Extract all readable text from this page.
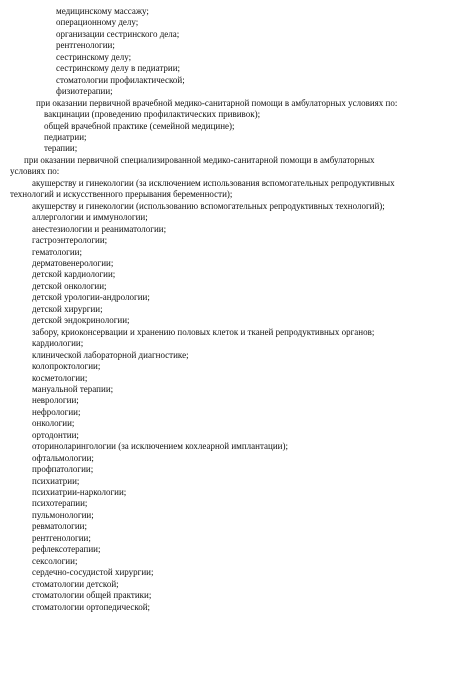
медицинскому массажу;

операционному делу;

организации сестринского дела;

рентгенологии;

сестринскому делу;

сестринскому делу в педиатрии;

стоматологии профилактической;

физиотерапии;

при оказании первичной врачебной медико-санитарной помощи в амбулаторных условиях по:

вакцинации (проведению профилактических прививок);

общей врачебной практике (семейной медицине);

педиатрии;

терапии;

при оказании первичной специализированной медико-санитарной помощи в амбулаторных

условиях по:

акушерству и гинекологии (за исключением использования вспомогательных репродуктивных

технологий и искусственного прерывания беременности);

акушерству и гинекологии (использованию вспомогательных репродуктивных технологий);

аллергологии и иммунологии;

анестезиологии и реаниматологии;

гастроэнтерологии;

гематологии;

дерматовенерологии;

детской кардиологии;

детской онкологии;

детской урологии-андрологии;

детской хирургии;

детской эндокринологии;

забору, криоконсервации и хранению половых клеток и тканей репродуктивных органов;

кардиологии;

клинической лабораторной диагностике;

колопроктологии;

косметологии;

мануальной терапии;

неврологии;

нефрологии;

онкологии;

ортодонтии;

оториноларингологии (за исключением кохлеарной имплантации);

офтальмологии;

профпатологии;

психиатрии;

психиатрии-наркологии;

психотерапии;

пульмонологии;

ревматологии;

рентгенологии;

рефлексотерапии;

сексологии;

сердечно-сосудистой хирургии;

стоматологии детской;

стоматологии общей практики;

стоматологии ортопедической;
